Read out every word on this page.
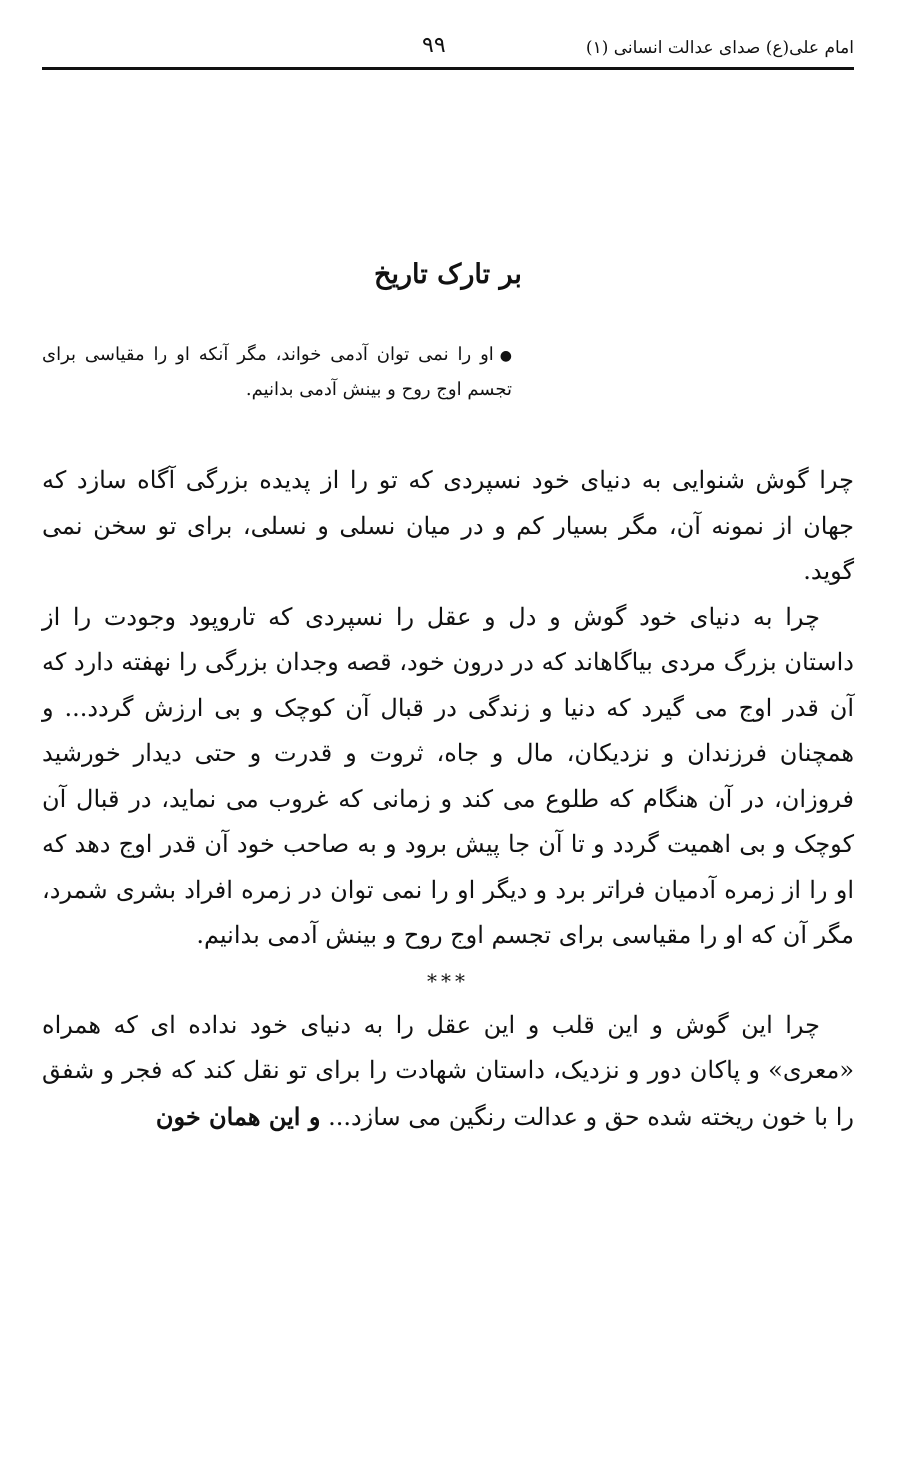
امام علی(ع) صدای عدالت انسانی (۱)
۹۹
بر تارک تاریخ
●او را نمی توان آدمی خواند، مگر آنکه او را مقیاسی برای تجسم اوج روح و بینش آدمی بدانیم.

چرا گوش شنوایی به دنیای خود نسپردی که تو را از پدیده بزرگی آگاه سازد که جهان از نمونه آن، مگر بسیار کم و در میان نسلی و نسلی، برای تو سخن نمی گوید.

چرا به دنیای خود گوش و دل و عقل را نسپردی که تاروپود وجودت را از داستان بزرگ مردی بیاگاهاند که در درون خود، قصه وجدان بزرگی را نهفته دارد که آن قدر اوج می گیرد که دنیا و زندگی در قبال آن کوچک و بی ارزش گردد... و همچنان فرزندان و نزدیکان، مال و جاه، ثروت و قدرت و حتی دیدار خورشید فروزان، در آن هنگام که طلوع می کند و زمانی که غروب می نماید، در قبال آن کوچک و بی اهمیت گردد و تا آن جا پیش برود و به صاحب خود آن قدر اوج دهد که او را از زمره آدمیان فراتر برد و دیگر او را نمی توان در زمره افراد بشری شمرد، مگر آن که او را مقیاسی برای تجسم اوج روح و بینش آدمی بدانیم.

***

چرا این گوش و این قلب و این عقل را به دنیای خود نداده ای که همراه «معری» و پاکان دور و نزدیک، داستان شهادت را برای تو نقل کند که فجر و شفق را با خون ریخته شده حق و عدالت رنگین می سازد... و این همان خون
